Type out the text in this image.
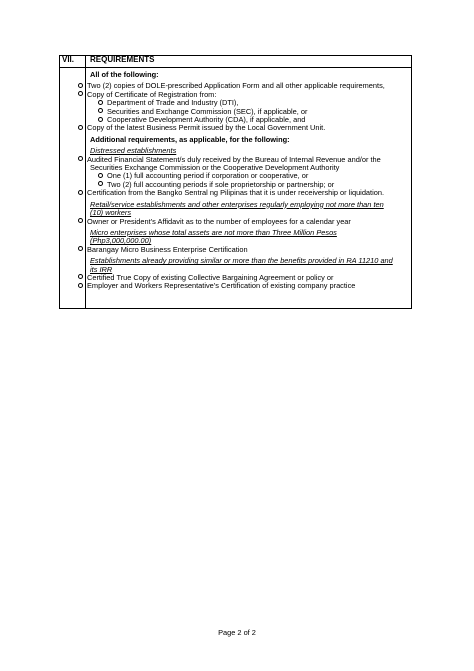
VII. REQUIREMENTS
All of the following:
Two (2) copies of DOLE-prescribed Application Form and all other applicable requirements,
Copy of Certificate of Registration from:
Department of Trade and Industry (DTI),
Securities and Exchange Commission (SEC), if applicable, or
Cooperative Development Authority (CDA), if applicable, and
Copy of the latest Business Permit issued by the Local Government Unit.
Additional requirements, as applicable, for the following:
Distressed establishments
Audited Financial Statement/s duly received by the Bureau of Internal Revenue and/or the
Securities Exchange Commission or the Cooperative Development Authority
One (1) full accounting period if corporation or cooperative, or
Two (2) full accounting periods if sole proprietorship or partnership; or
Certification from the Bangko Sentral ng Pilipinas that it is under receivership or liquidation.
Retail/service establishments and other enterprises regularly employing not more than ten
(10) workers
Owner or President’s Affidavit as to the number of employees for a calendar year
Micro enterprises whose total assets are not more than Three Million Pesos
(Php3,000,000.00)
Barangay Micro Business Enterprise Certification
Establishments already providing similar or more than the benefits provided in RA 11210 and
its IRR
Certified True Copy of existing Collective Bargaining Agreement or policy or
Employer and Workers Representative’s Certification of existing company practice
Page 2 of 2
